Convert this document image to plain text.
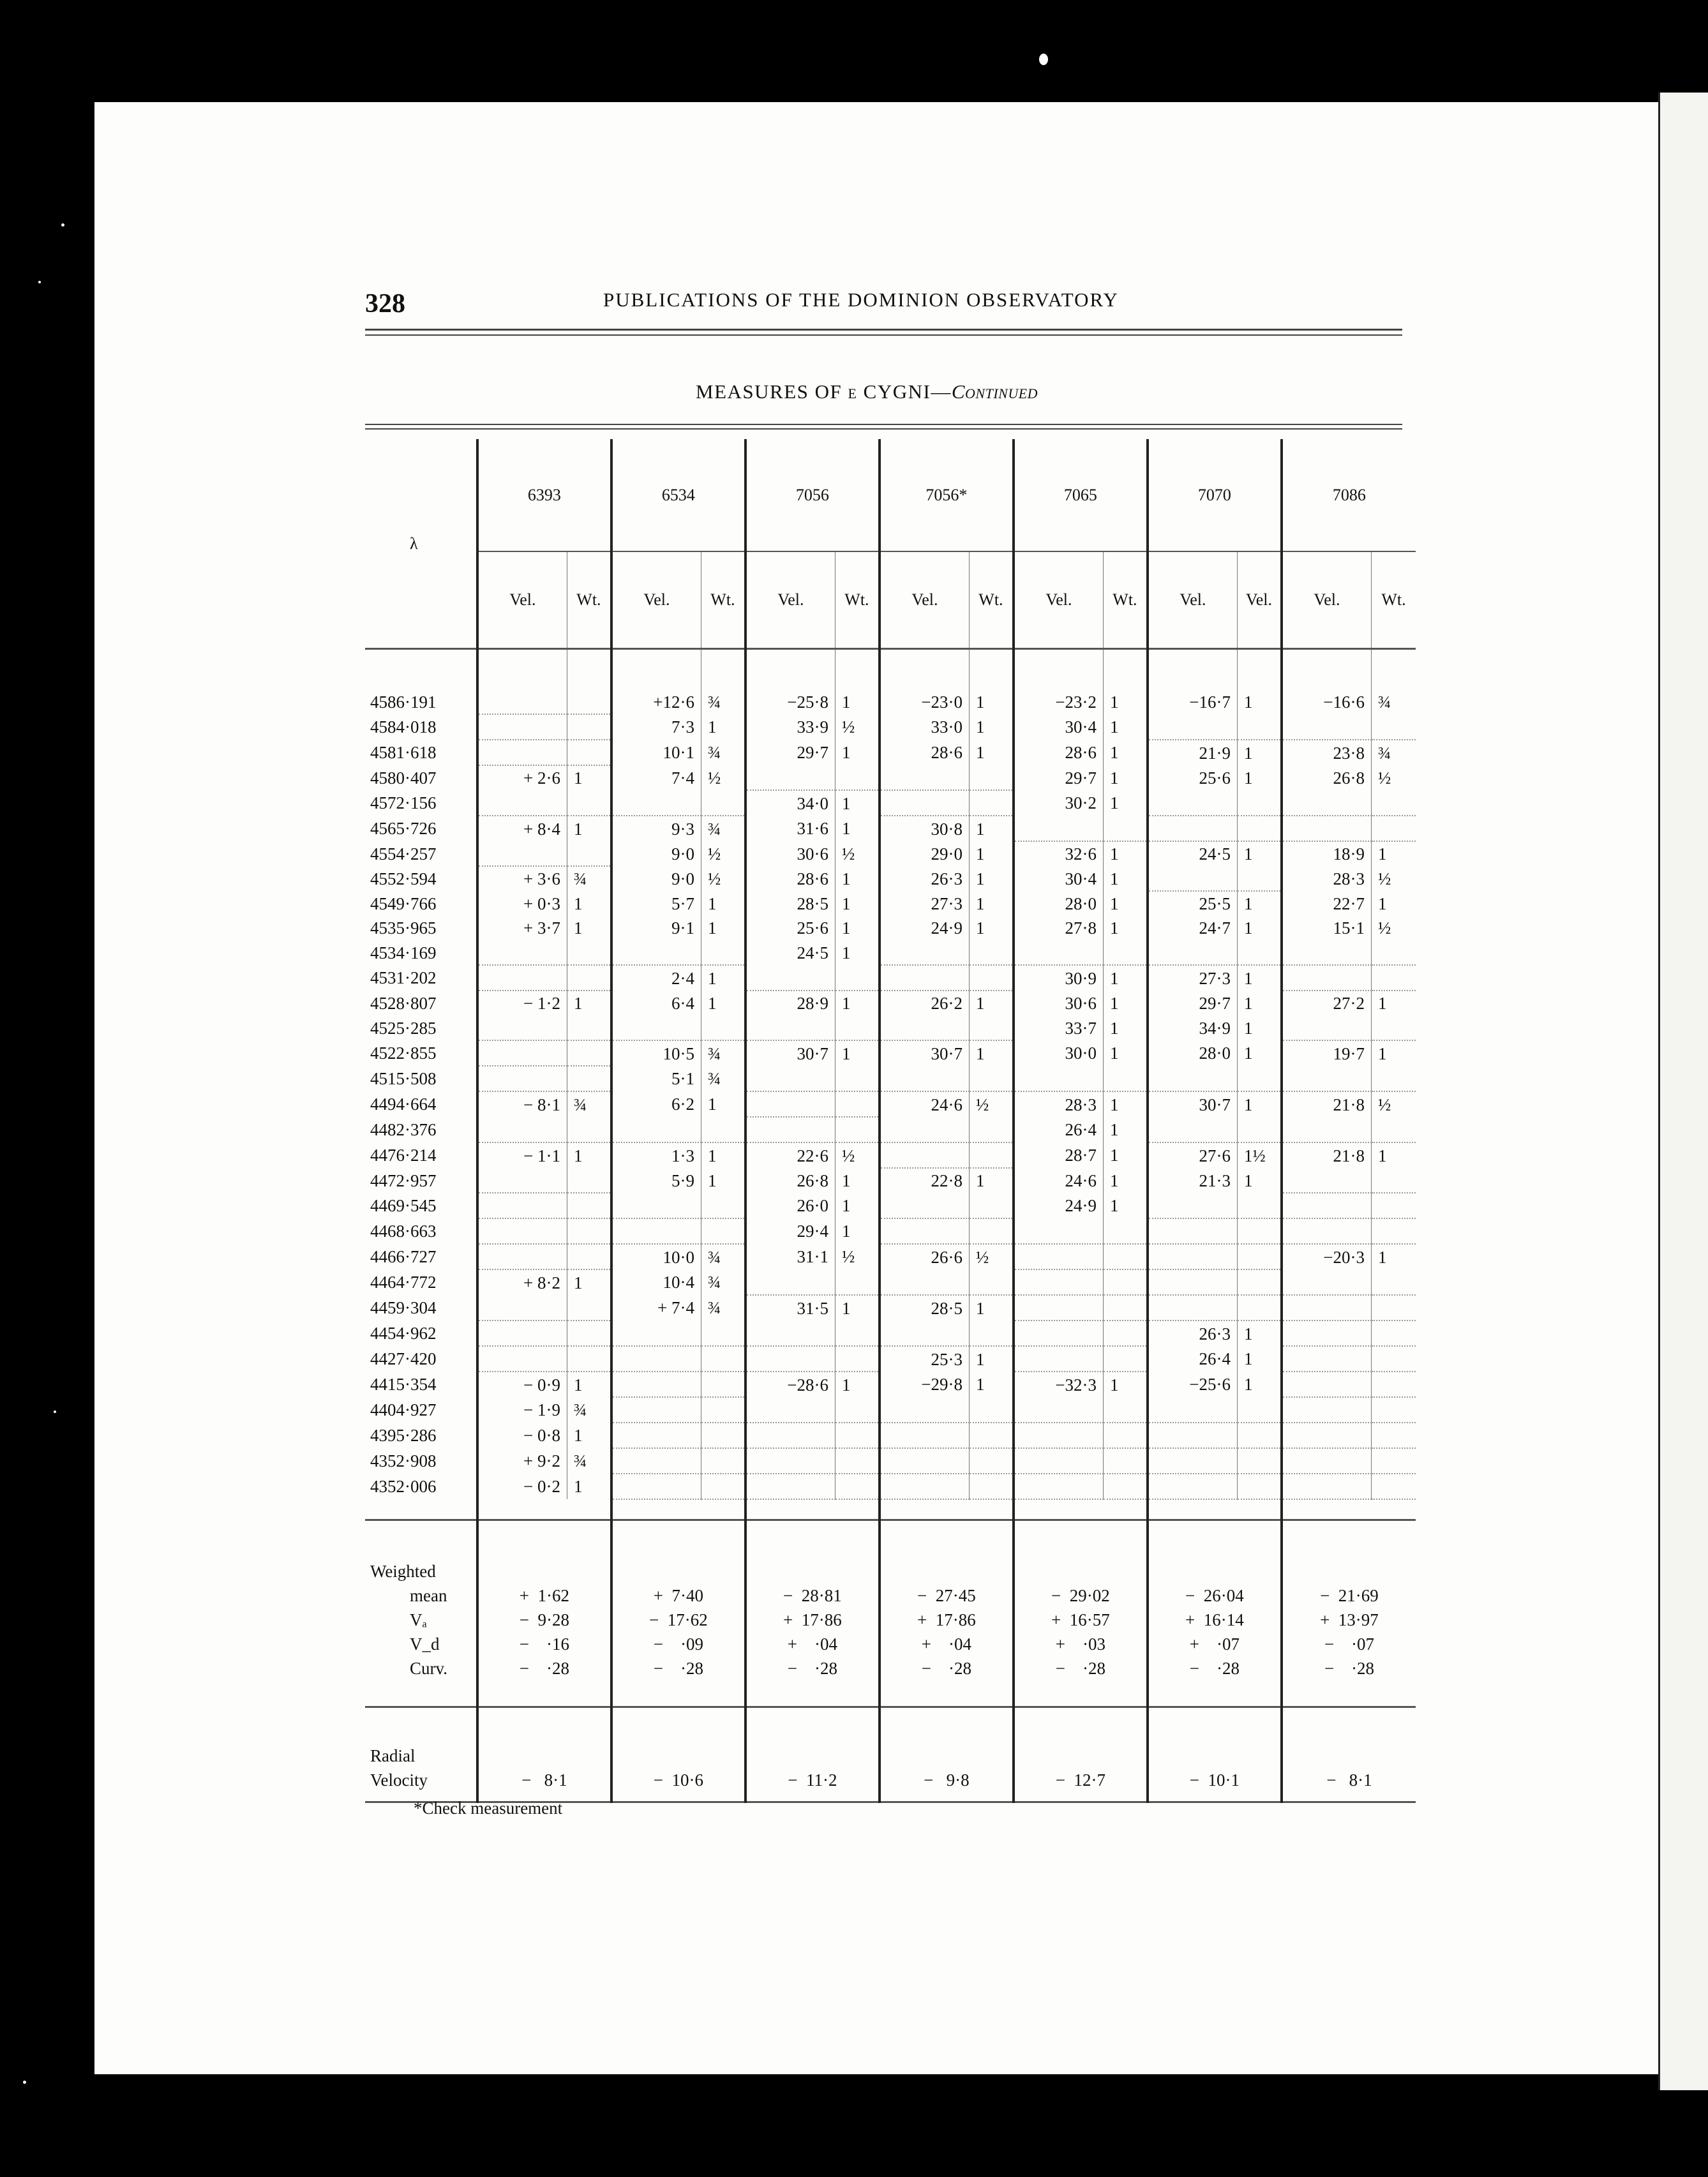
328	PUBLICATIONS OF THE DOMINION OBSERVATORY
MEASURES OF ε CYGNI—Continued
λ	6393		6534		7056		7056*		7065		7070		7086	
	Vel.	Wt.	Vel.	Wt.	Vel.	Wt.	Vel.	Wt.	Vel.	Wt.	Vel.	Vel.	Vel.	Wt.

4586·191			+12·6	¾	−25·8	1	−23·0	1	−23·2	1	−16·7	1	−16·6	¾
4584·018			7·3	1	33·9	½	33·0	1	30·4	1				
4581·618			10·1	¾	29·7	1	28·6	1	28·6	1	21·9	1	23·8	¾
4580·407	+ 2·6	1	7·4	½					29·7	1	25·6	1	26·8	½
4572·156					34·0	1			30·2	1				
4565·726	+ 8·4	1	9·3	¾	31·6	1	30·8	1						
4554·257			9·0	½	30·6	½	29·0	1	32·6	1	24·5	1	18·9	1
4552·594	+ 3·6	¾	9·0	½	28·6	1	26·3	1	30·4	1			28·3	½
4549·766	+ 0·3	1	5·7	1	28·5	1	27·3	1	28·0	1	25·5	1	22·7	1
4535·965	+ 3·7	1	9·1	1	25·6	1	24·9	1	27·8	1	24·7	1	15·1	½
4534·169					24·5	1								
4531·202			2·4	1					30·9	1	27·3	1		
4528·807	− 1·2	1	6·4	1	28·9	1	26·2	1	30·6	1	29·7	1	27·2	1
4525·285									33·7	1	34·9	1		
4522·855			10·5	¾	30·7	1	30·7	1	30·0	1	28·0	1	19·7	1
4515·508			5·1	¾										
4494·664	− 8·1	¾	6·2	1			24·6	½	28·3	1	30·7	1	21·8	½
4482·376									26·4	1				
4476·214	− 1·1	1	1·3	1	22·6	½			28·7	1	27·6	1½	21·8	1
4472·957			5·9	1	26·8	1	22·8	1	24·6	1	21·3	1		
4469·545					26·0	1			24·9	1				
4468·663					29·4	1								
4466·727			10·0	¾	31·1	½	26·6	½					−20·3	1
4464·772	+ 8·2	1	10·4	¾										
4459·304			+ 7·4	¾	31·5	1	28·5	1						
4454·962											26·3	1		
4427·420							25·3	1			26·4	1		
4415·354	− 0·9	1			−28·6	1	−29·8	1	−32·3	1	−25·6	1		
4404·927	− 1·9	¾												
4395·286	− 0·8	1												
4352·908	+ 9·2	¾												
4352·006	− 0·2	1												

Weighted														
mean	+  1·62		+  7·40		−  28·81		−  27·45		−  29·02		−  26·04		−  21·69	
Vₐ	−  9·28		−  17·62		+  17·86		+  17·86		+  16·57		+  16·14		+  13·97	
V_d	−    ·16		−    ·09		+    ·04		+    ·04		+    ·03		+    ·07		−    ·07	
Curv.	−    ·28		−    ·28		−    ·28		−    ·28		−    ·28		−    ·28		−    ·28	

Radial														
Velocity	−   8·1		−  10·6		−  11·2		−   9·8		−  12·7		−  10·1		−   8·1	

*Check measurement
